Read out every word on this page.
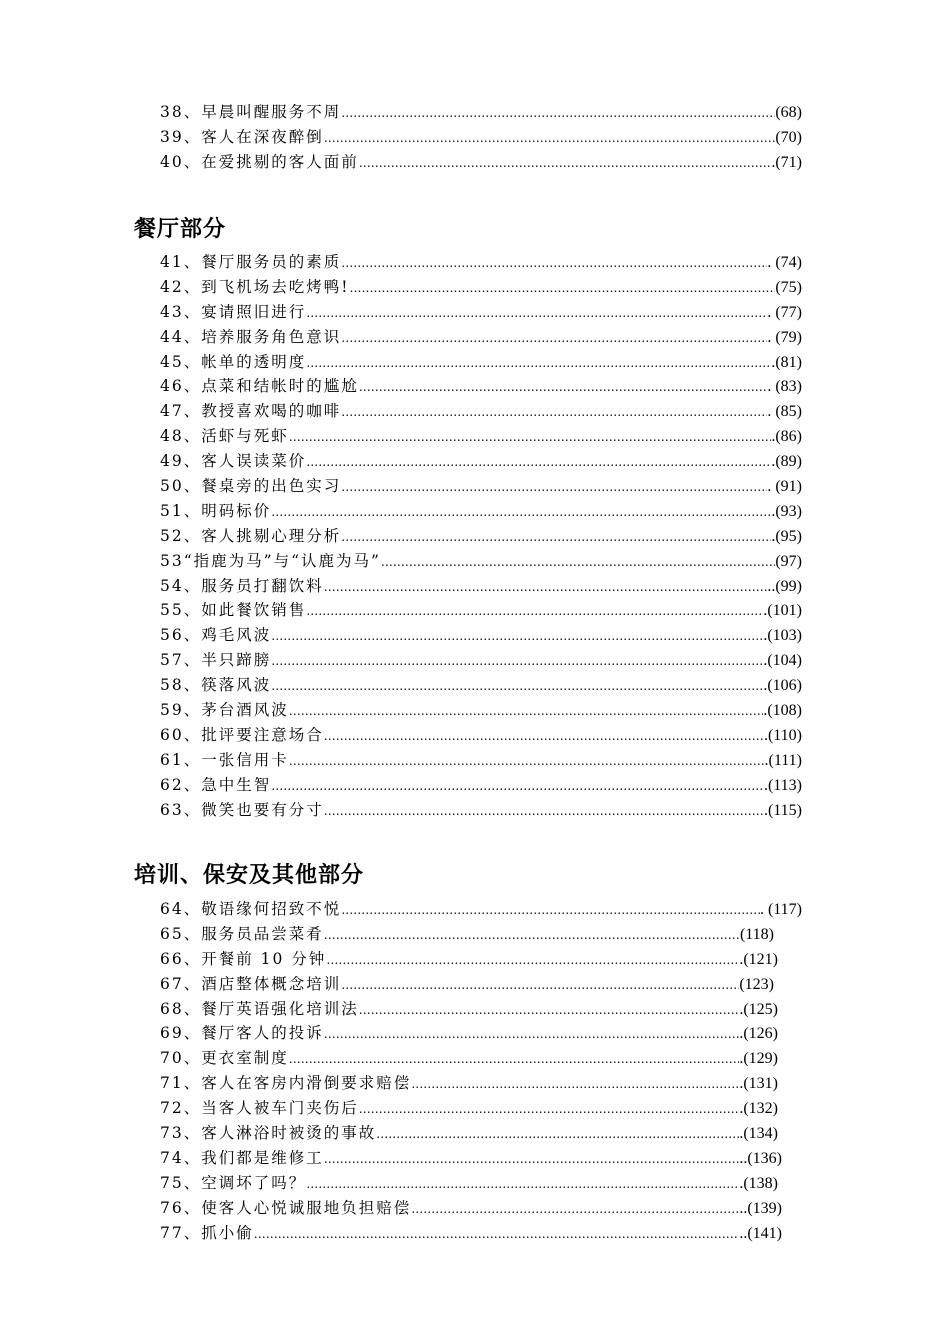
38、早晨叫醒服务不周 …………………………………………………………………………………………………………………………………………………………………………	(68)
39、客人在深夜醉倒 …………………………………………………………………………………………………………………………………………………………………………	(70)
40、在爱挑剔的客人面前 …………………………………………………………………………………………………………………………………………………………………………	.(71)
餐厅部分
41、餐厅服务员的素质 …………………………………………………………………………………………………………………………………………………………………………	. (74)
42、到飞机场去吃烤鸭! …………………………………………………………………………………………………………………………………………………………………………	(75)
43、宴请照旧进行 …………………………………………………………………………………………………………………………………………………………………………	. (77)
44、培养服务角色意识 …………………………………………………………………………………………………………………………………………………………………………	. (79)
45、帐单的透明度 …………………………………………………………………………………………………………………………………………………………………………	.(81)
46、点菜和结帐时的尴尬 …………………………………………………………………………………………………………………………………………………………………………	. (83)
47、教授喜欢喝的咖啡 …………………………………………………………………………………………………………………………………………………………………………	. (85)
48、活虾与死虾 …………………………………………………………………………………………………………………………………………………………………………	.(86)
49、客人误读菜价 …………………………………………………………………………………………………………………………………………………………………………	.(89)
50、餐桌旁的出色实习 …………………………………………………………………………………………………………………………………………………………………………	. (91)
51、明码标价 …………………………………………………………………………………………………………………………………………………………………………	.(93)
52、客人挑剔心理分析 …………………………………………………………………………………………………………………………………………………………………………	.(95)
53“指鹿为马”与“认鹿为马” …………………………………………………………………………………………………………………………………………………………………………	(97)
54、服务员打翻饮料 …………………………………………………………………………………………………………………………………………………………………………	..(99)
55、如此餐饮销售 …………………………………………………………………………………………………………………………………………………………………………	.(101)
56、鸡毛风波 …………………………………………………………………………………………………………………………………………………………………………	.(103)
57、半只蹄膀 …………………………………………………………………………………………………………………………………………………………………………	.(104)
58、筷落风波 …………………………………………………………………………………………………………………………………………………………………………	.(106)
59、茅台酒风波 …………………………………………………………………………………………………………………………………………………………………………	.(108)
60、批评要注意场合 …………………………………………………………………………………………………………………………………………………………………………	.(110)
61、一张信用卡 …………………………………………………………………………………………………………………………………………………………………………	.(111)
62、急中生智 …………………………………………………………………………………………………………………………………………………………………………	.(113)
63、微笑也要有分寸 …………………………………………………………………………………………………………………………………………………………………………	.(115)
培训、保安及其他部分
64、敬语缘何招致不悦 …………………………………………………………………………………………………………………………………………………………………………	. (117)
65、服务员品尝菜肴 …………………………………………………………………………………………………………………………………………………………………………	(118)
66、开餐前 10 分钟 …………………………………………………………………………………………………………………………………………………………………………	.(121)
67、酒店整体概念培训 …………………………………………………………………………………………………………………………………………………………………………	(123)
68、餐厅英语强化培训法 …………………………………………………………………………………………………………………………………………………………………………	.(125)
69、餐厅客人的投诉 …………………………………………………………………………………………………………………………………………………………………………	.(126)
70、更衣室制度 …………………………………………………………………………………………………………………………………………………………………………	.(129)
71、客人在客房内滑倒要求赔偿 …………………………………………………………………………………………………………………………………………………………………………	.(131)
72、当客人被车门夹伤后 …………………………………………………………………………………………………………………………………………………………………………	.(132)
73、客人淋浴时被烫的事故 …………………………………………………………………………………………………………………………………………………………………………	.(134)
74、我们都是维修工 …………………………………………………………………………………………………………………………………………………………………………	..(136)
75、空调坏了吗？ …………………………………………………………………………………………………………………………………………………………………………	.(138)
76、使客人心悦诚服地负担赔偿 …………………………………………………………………………………………………………………………………………………………………………	..(139)
77、抓小偷 …………………………………………………………………………………………………………………………………………………………………………	..(141)
